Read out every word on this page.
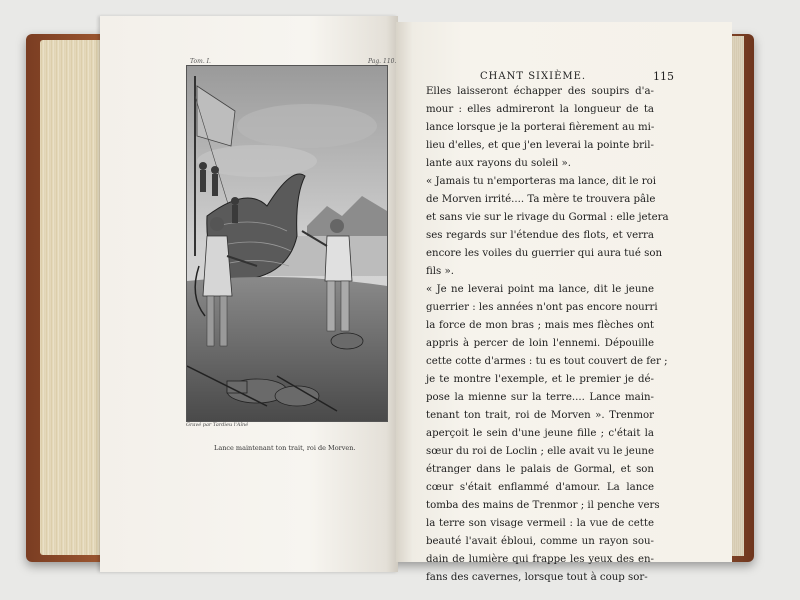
Tom. I.	Pag. 110.
Gravé par Tardieu l'Aîné
Lance maintenant ton trait, roi de Morven.
CHANT SIXIÈME.	115
Elles laisseront échapper des soupirs d'a-
mour : elles admireront la longueur de ta
lance lorsque je la porterai fièrement au mi-
lieu d'elles, et que j'en leverai la pointe bril-
lante aux rayons du soleil ».
« Jamais tu n'emporteras ma lance, dit le roi
de Morven irrité.... Ta mère te trouvera pâle
et sans vie sur le rivage du Gormal : elle jetera
ses regards sur l'étendue des flots, et verra
encore les voiles du guerrier qui aura tué son
fils ».
« Je ne leverai point ma lance, dit le jeune
guerrier : les années n'ont pas encore nourri
la force de mon bras ; mais mes flèches ont
appris à percer de loin l'ennemi. Dépouille
cette cotte d'armes : tu es tout couvert de fer ;
je te montre l'exemple, et le premier je dé-
pose la mienne sur la terre.... Lance main-
tenant ton trait, roi de Morven ». Trenmor
aperçoit le sein d'une jeune fille ; c'était la
sœur du roi de Loclin ; elle avait vu le jeune
étranger dans le palais de Gormal, et son
cœur s'était enflammé d'amour. La lance
tomba des mains de Trenmor ; il penche vers
la terre son visage vermeil : la vue de cette
beauté l'avait ébloui, comme un rayon sou-
dain de lumière qui frappe les yeux des en-
fans des cavernes, lorsque tout à coup sor-
